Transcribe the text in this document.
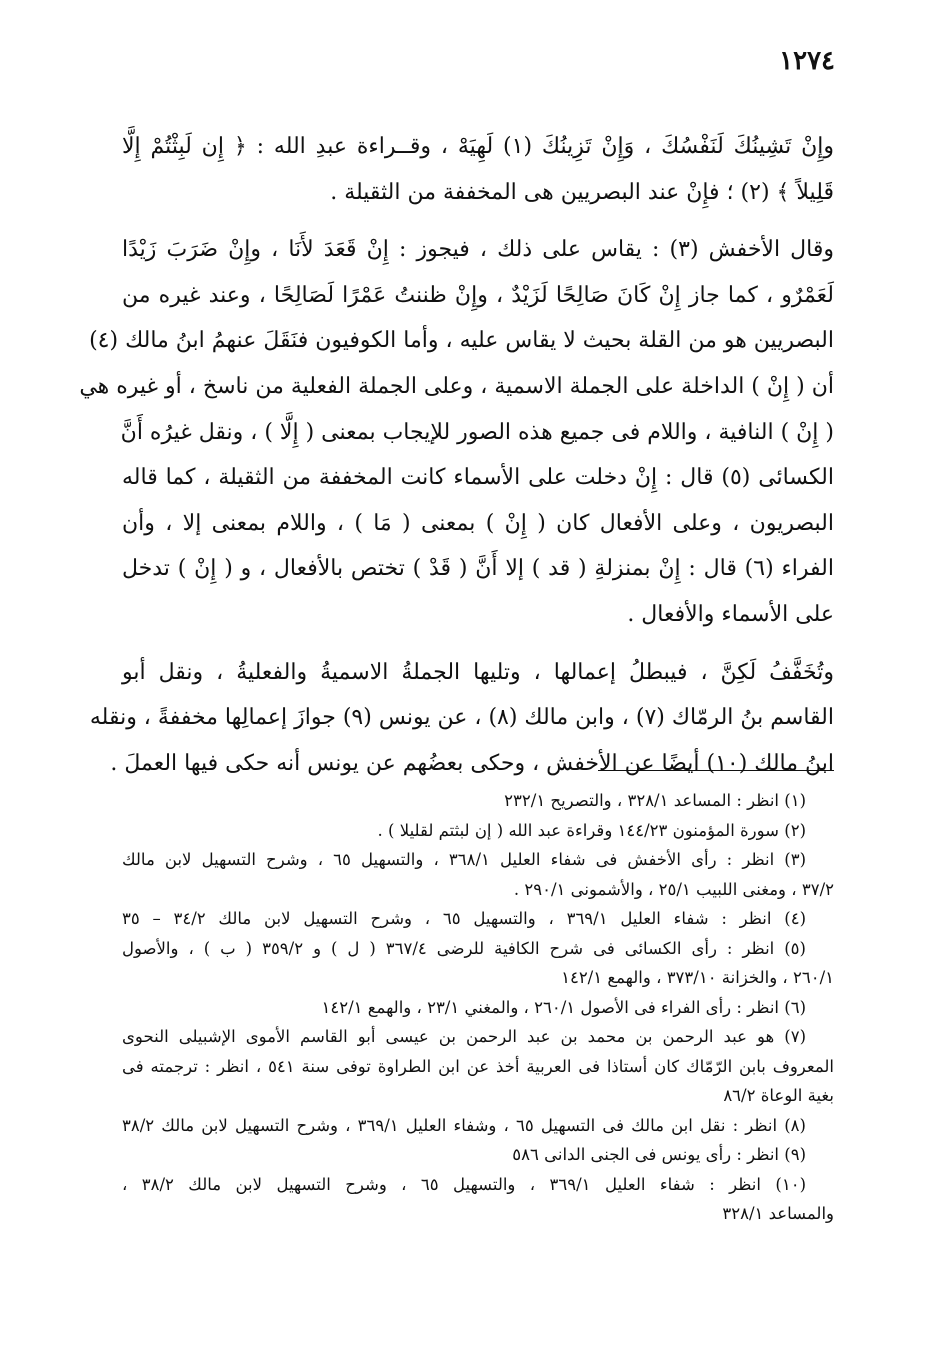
١٢٧٤
وإِنْ تَشِينُكَ لَنَفْسُكَ ، وَإِنْ تَزِينُكَ (١) لَهِيَهْ ، وقــراءة عبدِ الله : ﴿ إِن لَبِثْتُمْ إِلَّا
قَلِيلاً ﴾ (٢) ؛ فإِنْ عند البصريين هى المخففة من الثقيلة .
وقال الأخفش (٣) : يقاس على ذلك ، فيجوز : إِنْ قَعَدَ لأَنَا ، وإِنْ ضَرَبَ زَيْدًا
لَعَمْرٌو ، كما جاز إِنْ كَانَ صَالِحًا لَزَيْدٌ ، وإِنْ ظننتُ عَمْرًا لَصَالِحًا ، وعند غيره من
البصريين هو من القلة بحيث لا يقاس عليه ، وأما الكوفيون فنَقَلَ عنهمُ ابنُ مالك (٤)
أن ( إِنْ ) الداخلة على الجملة الاسمية ، وعلى الجملة الفعلية من ناسخ ، أو غيره هي
( إِنْ ) النافية ، واللام فى جميع هذه الصور للإيجاب بمعنى ( إِلَّا ) ، ونقل غيرُه أَنَّ
الكسائى (٥) قال : إِنْ دخلت على الأسماء كانت المخففة من الثقيلة ، كما قاله
البصريون ، وعلى الأفعال كان ( إِنْ ) بمعنى ( مَا ) ، واللام بمعنى إلا ، وأن
الفراء (٦) قال : إِنْ بمنزلةِ ( قد ) إلا أَنَّ ( قَدْ ) تختص بالأفعال ، و ( إِنْ ) تدخل
على الأسماء والأفعال .
وتُخَفَّفُ لَكِنَّ ، فيبطلُ إعمالها ، وتليها الجملةُ الاسميةُ والفعليةُ ، ونقل أبو
القاسم بنُ الرمّاك (٧) ، وابن مالك (٨) ، عن يونس (٩) جوازَ إعمالِها مخففةً ، ونقله
ابنُ مالك (١٠) أيضًا عن الأخفش ، وحكى بعضُهم عن يونس أنه حكى فيها العملَ .
(١) انظر : المساعد ٣٢٨/١ ، والتصريح ٢٣٢/١
(٢) سورة المؤمنون ١٤٤/٢٣ وقراءة عبد الله ( إن لبثتم لقليلا ) .
(٣) انظر : رأى الأخفش فى شفاء العليل ٣٦٨/١ ، والتسهيل ٦٥ ، وشرح التسهيل لابن مالك
٣٧/٢ ، ومغنى اللبيب ٢٥/١ ، والأشمونى ٢٩٠/١ .
(٤) انظر : شفاء العليل ٣٦٩/١ ، والتسهيل ٦٥ ، وشرح التسهيل لابن مالك ٣٤/٢ – ٣٥
(٥) انظر : رأى الكسائى فى شرح الكافية للرضى ٣٦٧/٤ ( ل ) و ٣٥٩/٢ ( ب ) ، والأصول
٢٦٠/١ ، والخزانة ٣٧٣/١٠ ، والهمع ١٤٢/١
(٦) انظر : رأى الفراء فى الأصول ٢٦٠/١ ، والمغني ٢٣/١ ، والهمع ١٤٢/١
(٧) هو عبد الرحمن بن محمد بن عبد الرحمن بن عيسى أبو القاسم الأموى الإشبيلى النحوى
المعروف بابن الرّمّاك كان أستاذا فى العربية أخذ عن ابن الطراوة توفى سنة ٥٤١ ، انظر : ترجمته فى
بغية الوعاة ٨٦/٢
(٨) انظر : نقل ابن مالك فى التسهيل ٦٥ ، وشفاء العليل ٣٦٩/١ ، وشرح التسهيل لابن مالك ٣٨/٢
(٩) انظر : رأى يونس فى الجنى الدانى ٥٨٦
(١٠) انظر : شفاء العليل ٣٦٩/١ ، والتسهيل ٦٥ ، وشرح التسهيل لابن مالك ٣٨/٢ ،
والمساعد ٣٢٨/١
